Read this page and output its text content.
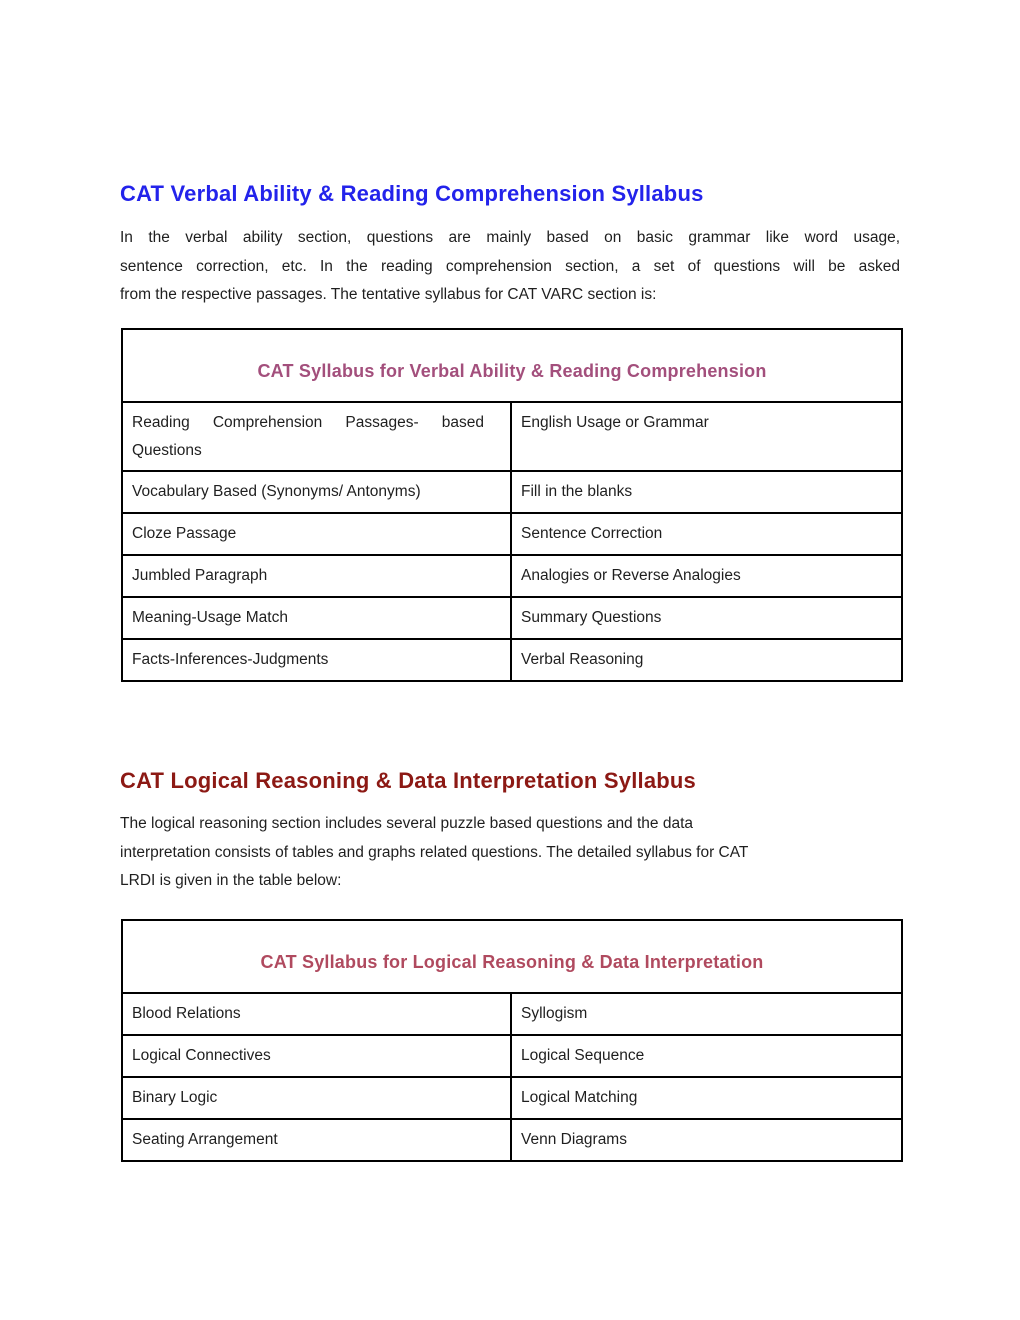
CAT Verbal Ability & Reading Comprehension Syllabus
In the verbal ability section, questions are mainly based on basic grammar like word usage,
sentence correction, etc. In the reading comprehension section, a set of questions will be asked
from the respective passages. The tentative syllabus for CAT VARC section is:
CAT Syllabus for Verbal Ability & Reading Comprehension	
Reading Comprehension Passages- based Questions	English Usage or Grammar
Vocabulary Based (Synonyms/ Antonyms)	Fill in the blanks
Cloze Passage	Sentence Correction
Jumbled Paragraph	Analogies or Reverse Analogies
Meaning-Usage Match	Summary Questions
Facts-Inferences-Judgments	Verbal Reasoning
CAT Logical Reasoning & Data Interpretation Syllabus
The logical reasoning section includes several puzzle based questions and the data
interpretation consists of tables and graphs related questions. The detailed syllabus for CAT
LRDI is given in the table below:
CAT Syllabus for Logical Reasoning & Data Interpretation	
Blood Relations	Syllogism
Logical Connectives	Logical Sequence
Binary Logic	Logical Matching
Seating Arrangement	Venn Diagrams
